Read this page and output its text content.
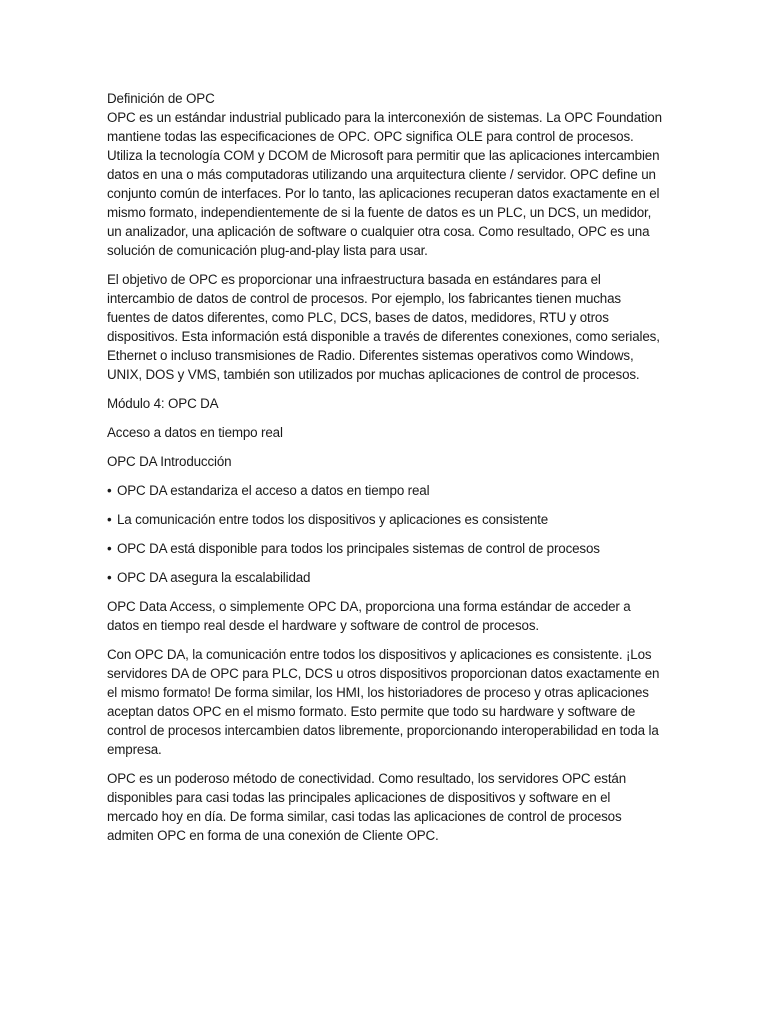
Definición de OPC

OPC es un estándar industrial publicado para la interconexión de sistemas. La OPC Foundation mantiene todas las especificaciones de OPC. OPC significa OLE para control de procesos. Utiliza la tecnología COM y DCOM de Microsoft para permitir que las aplicaciones intercambien datos en una o más computadoras utilizando una arquitectura cliente / servidor. OPC define un conjunto común de interfaces. Por lo tanto, las aplicaciones recuperan datos exactamente en el mismo formato, independientemente de si la fuente de datos es un PLC, un DCS, un medidor, un analizador, una aplicación de software o cualquier otra cosa. Como resultado, OPC es una solución de comunicación plug-and-play lista para usar.

El objetivo de OPC es proporcionar una infraestructura basada en estándares para el intercambio de datos de control de procesos. Por ejemplo, los fabricantes tienen muchas fuentes de datos diferentes, como PLC, DCS, bases de datos, medidores, RTU y otros dispositivos. Esta información está disponible a través de diferentes conexiones, como seriales, Ethernet o incluso transmisiones de Radio. Diferentes sistemas operativos como Windows, UNIX, DOS y VMS, también son utilizados por muchas aplicaciones de control de procesos.

Módulo 4: OPC DA

Acceso a datos en tiempo real

OPC DA Introducción

• OPC DA estandariza el acceso a datos en tiempo real

• La comunicación entre todos los dispositivos y aplicaciones es consistente

• OPC DA está disponible para todos los principales sistemas de control de procesos

• OPC DA asegura la escalabilidad

OPC Data Access, o simplemente OPC DA, proporciona una forma estándar de acceder a datos en tiempo real desde el hardware y software de control de procesos.

Con OPC DA, la comunicación entre todos los dispositivos y aplicaciones es consistente. ¡Los servidores DA de OPC para PLC, DCS u otros dispositivos proporcionan datos exactamente en el mismo formato! De forma similar, los HMI, los historiadores de proceso y otras aplicaciones aceptan datos OPC en el mismo formato. Esto permite que todo su hardware y software de control de procesos intercambien datos libremente, proporcionando interoperabilidad en toda la empresa.

OPC es un poderoso método de conectividad. Como resultado, los servidores OPC están disponibles para casi todas las principales aplicaciones de dispositivos y software en el mercado hoy en día. De forma similar, casi todas las aplicaciones de control de procesos admiten OPC en forma de una conexión de Cliente OPC.
